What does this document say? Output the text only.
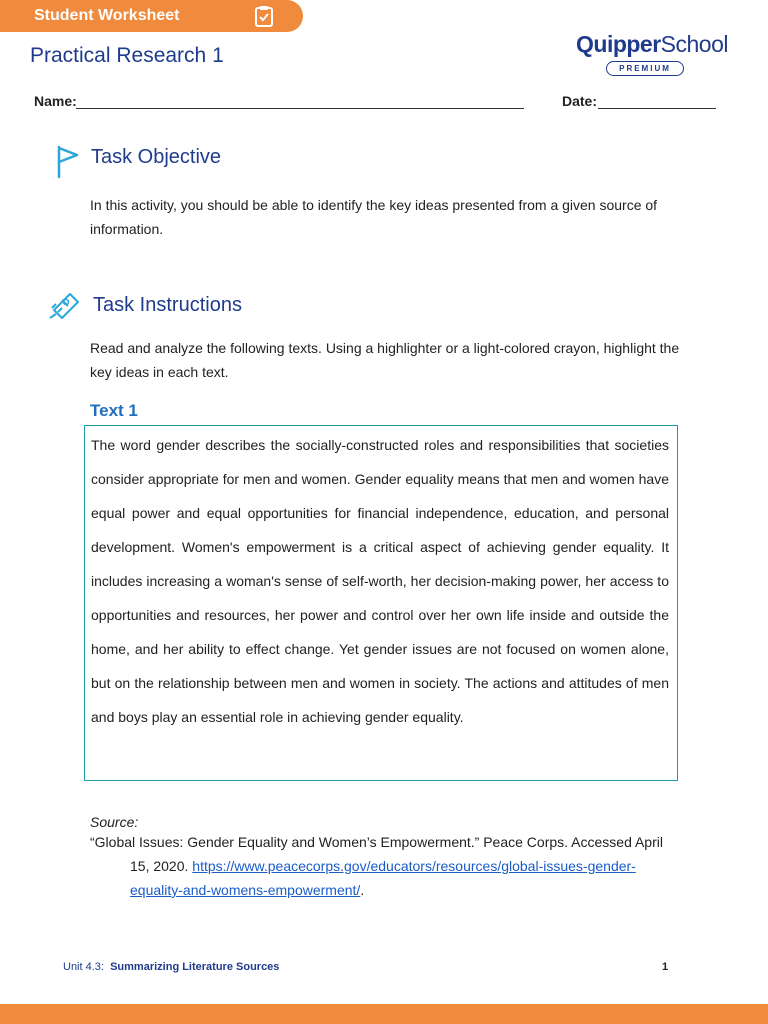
Student Worksheet
Practical Research 1	QuipperSchool
PREMIUM
Name:	Date:
Task Objective
In this activity, you should be able to identify the key ideas presented from a given source of information.
Task Instructions
Read and analyze the following texts. Using a highlighter or a light-colored crayon, highlight the key ideas in each text.
Text 1
The word gender describes the socially-constructed roles and responsibilities that societies consider appropriate for men and women. Gender equality means that men and women have equal power and equal opportunities for financial independence, education, and personal development. Women's empowerment is a critical aspect of achieving gender equality. It includes increasing a woman's sense of self-worth, her decision-making power, her access to opportunities and resources, her power and control over her own life inside and outside the home, and her ability to effect change. Yet gender issues are not focused on women alone, but on the relationship between men and women in society. The actions and attitudes of men and boys play an essential role in achieving gender equality.
Source:
“Global Issues: Gender Equality and Women’s Empowerment.” Peace Corps. Accessed April 15, 2020. https://www.peacecorps.gov/educators/resources/global-issues-gender-equality-and-womens-empowerment/.
Unit 4.3: Summarizing Literature Sources	1
